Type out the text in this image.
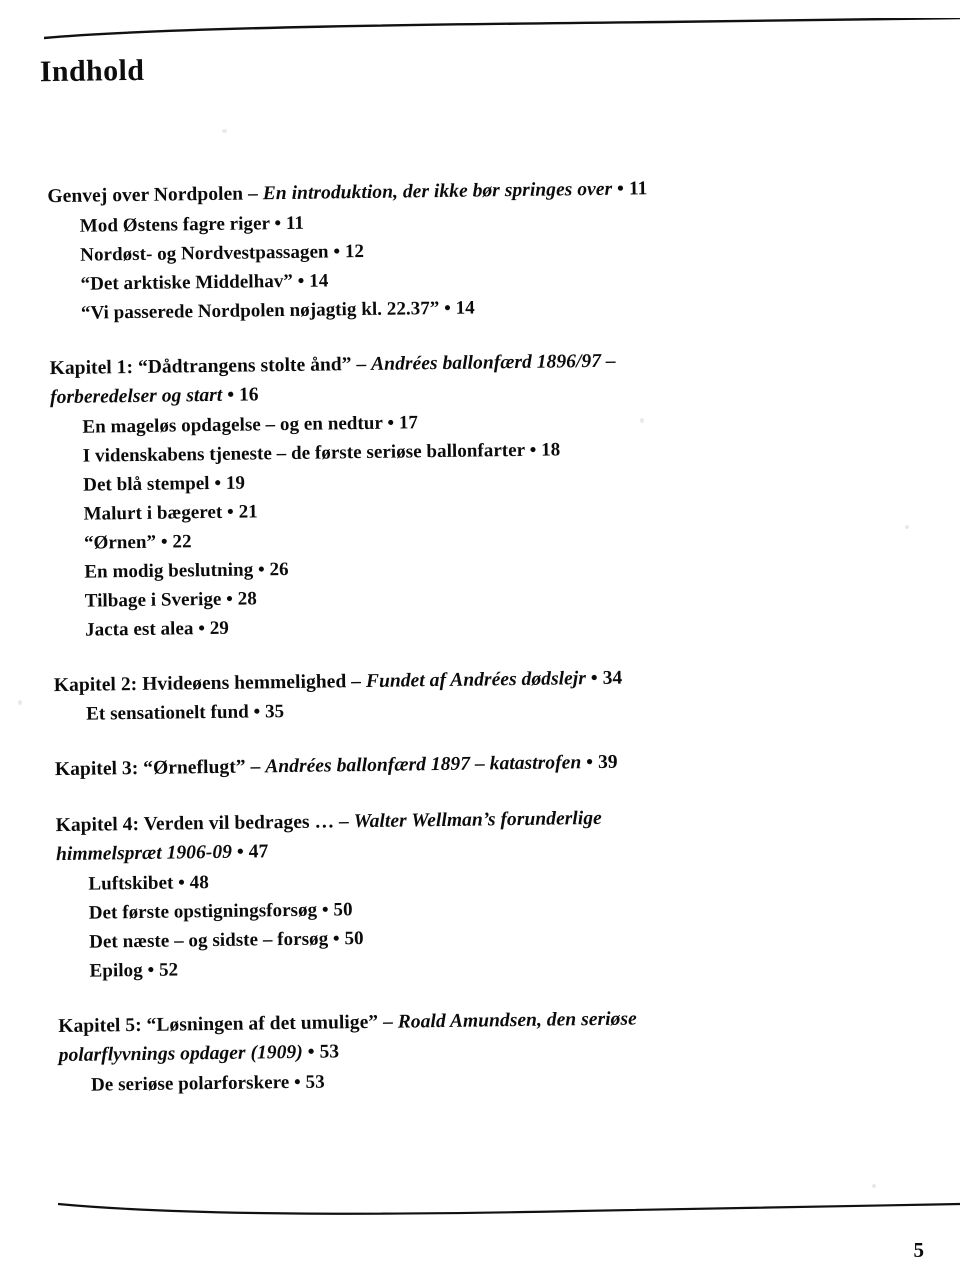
Indhold
Genvej over Nordpolen – En introduktion, der ikke bør springes over • 11
Mod Østens fagre riger • 11
Nordøst- og Nordvestpassagen • 12
“Det arktiske Middelhav” • 14
“Vi passerede Nordpolen nøjagtig kl. 22.37” • 14
Kapitel 1: “Dådtrangens stolte ånd” – Andrées ballonfærd 1896/97 – forberedelser og start • 16
En mageløs opdagelse – og en nedtur • 17
I videnskabens tjeneste – de første seriøse ballonfarter • 18
Det blå stempel • 19
Malurt i bægeret • 21
“Ørnen” • 22
En modig beslutning • 26
Tilbage i Sverige • 28
Jacta est alea • 29
Kapitel 2: Hvideøens hemmelighed – Fundet af Andrées dødslejr • 34
Et sensationelt fund • 35
Kapitel 3: “Ørneflugt” – Andrées ballonfærd 1897 – katastrofen • 39
Kapitel 4: Verden vil bedrages … – Walter Wellman’s forunderlige himmelspræt 1906-09 • 47
Luftskibet • 48
Det første opstigningsforsøg • 50
Det næste – og sidste – forsøg • 50
Epilog • 52
Kapitel 5: “Løsningen af det umulige” – Roald Amundsen, den seriøse polarflyvnings opdager (1909) • 53
De seriøse polarforskere • 53
5
